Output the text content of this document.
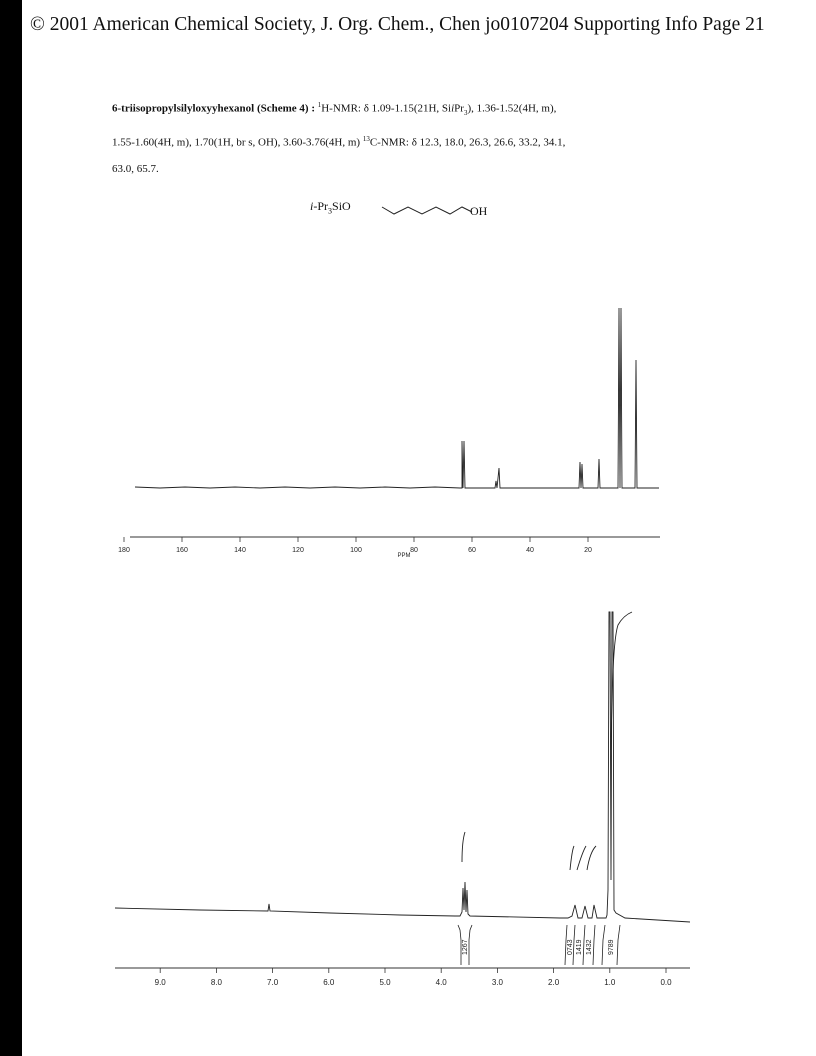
© 2001 American Chemical Society, J. Org. Chem., Chen jo0107204 Supporting Info Page 21
6-triisopropylsilyloxyyhexanol (Scheme 4) : $^1$H-NMR: δ 1.09-1.15(21H, SiiPr$_3$), 1.36-1.52(4H, m),
1.55-1.60(4H, m), 1.70(1H, br s, OH), 3.60-3.76(4H, m) $^{13}$C-NMR: δ 12.3, 18.0, 26.3, 26.6, 33.2, 34.1,
63.0, 65.7.
$i-Pr_3SiO$	OH
180	160	140	120	100	80	60	40	20
PPM
9.0	8.0	7.0	6.0	5.0	4.0	3.0	2.0	1.0	0.0
1267	0743 1419 1432 9789
